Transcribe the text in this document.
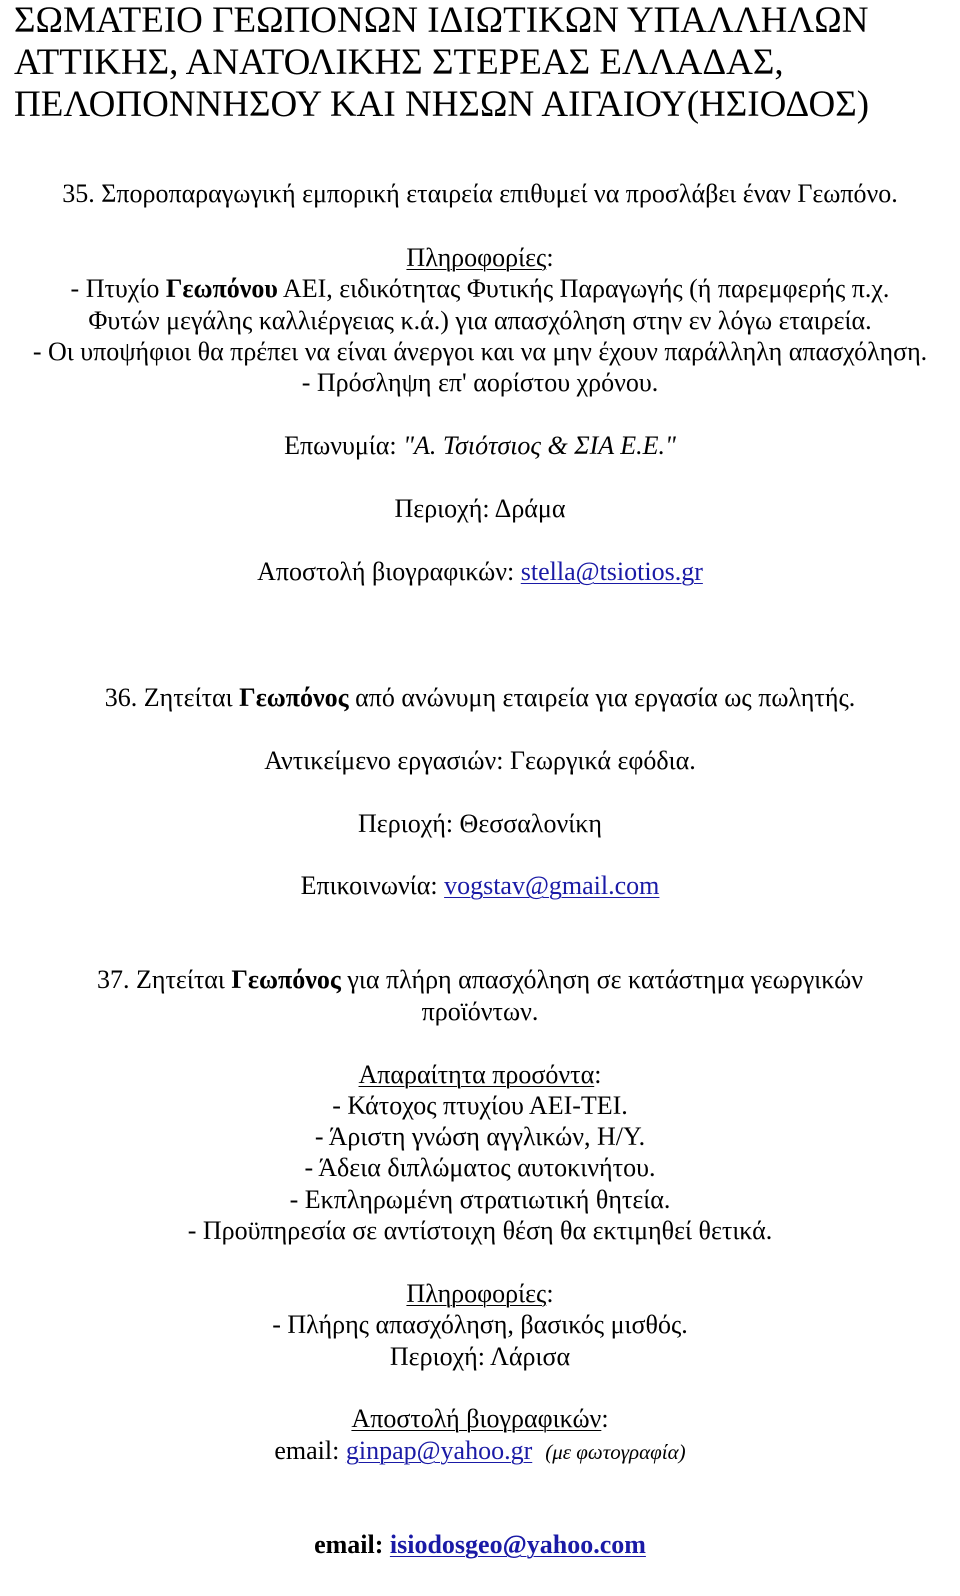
ΣΩΜΑΤΕΙΟ ΓΕΩΠΟΝΩΝ ΙΔΙΩΤΙΚΩΝ ΥΠΑΛΛΗΛΩΝ
ΑΤΤΙΚΗΣ, ΑΝΑΤΟΛΙΚΗΣ ΣΤΕΡΕΑΣ ΕΛΛΑΔΑΣ,
ΠΕΛΟΠΟΝΝΗΣΟΥ ΚΑΙ ΝΗΣΩΝ ΑΙΓΑΙΟΥ(ΗΣΙΟΔΟΣ)
35. Σποροπαραγωγική εμπορική εταιρεία επιθυμεί να προσλάβει έναν Γεωπόνο.
Πληροφορίες:
- Πτυχίο Γεωπόνου ΑΕΙ, ειδικότητας Φυτικής Παραγωγής (ή παρεμφερής π.χ.
Φυτών μεγάλης καλλιέργειας κ.ά.) για απασχόληση στην εν λόγω εταιρεία.
- Οι υποψήφιοι θα πρέπει να είναι άνεργοι και να μην έχουν παράλληλη απασχόληση.
- Πρόσληψη επ' αορίστου χρόνου.
Επωνυμία: "Α. Τσιότσιος & ΣΙΑ Ε.Ε."
Περιοχή: Δράμα
Αποστολή βιογραφικών: stella@tsiotios.gr
36. Ζητείται Γεωπόνος από ανώνυμη εταιρεία για εργασία ως πωλητής.
Αντικείμενο εργασιών: Γεωργικά εφόδια.
Περιοχή: Θεσσαλονίκη
Επικοινωνία: vogstav@gmail.com
37. Ζητείται Γεωπόνος για πλήρη απασχόληση σε κατάστημα γεωργικών
προϊόντων.
Απαραίτητα προσόντα:
- Κάτοχος πτυχίου ΑΕΙ-ΤΕΙ.
- Άριστη γνώση αγγλικών, Η/Υ.
- Άδεια διπλώματος αυτοκινήτου.
- Εκπληρωμένη στρατιωτική θητεία.
- Προϋπηρεσία σε αντίστοιχη θέση θα εκτιμηθεί θετικά.
Πληροφορίες:
- Πλήρης απασχόληση, βασικός μισθός.
Περιοχή: Λάρισα
Αποστολή βιογραφικών:
email: ginpap@yahoo.gr (με φωτογραφία)
email: isiodosgeo@yahoo.com
